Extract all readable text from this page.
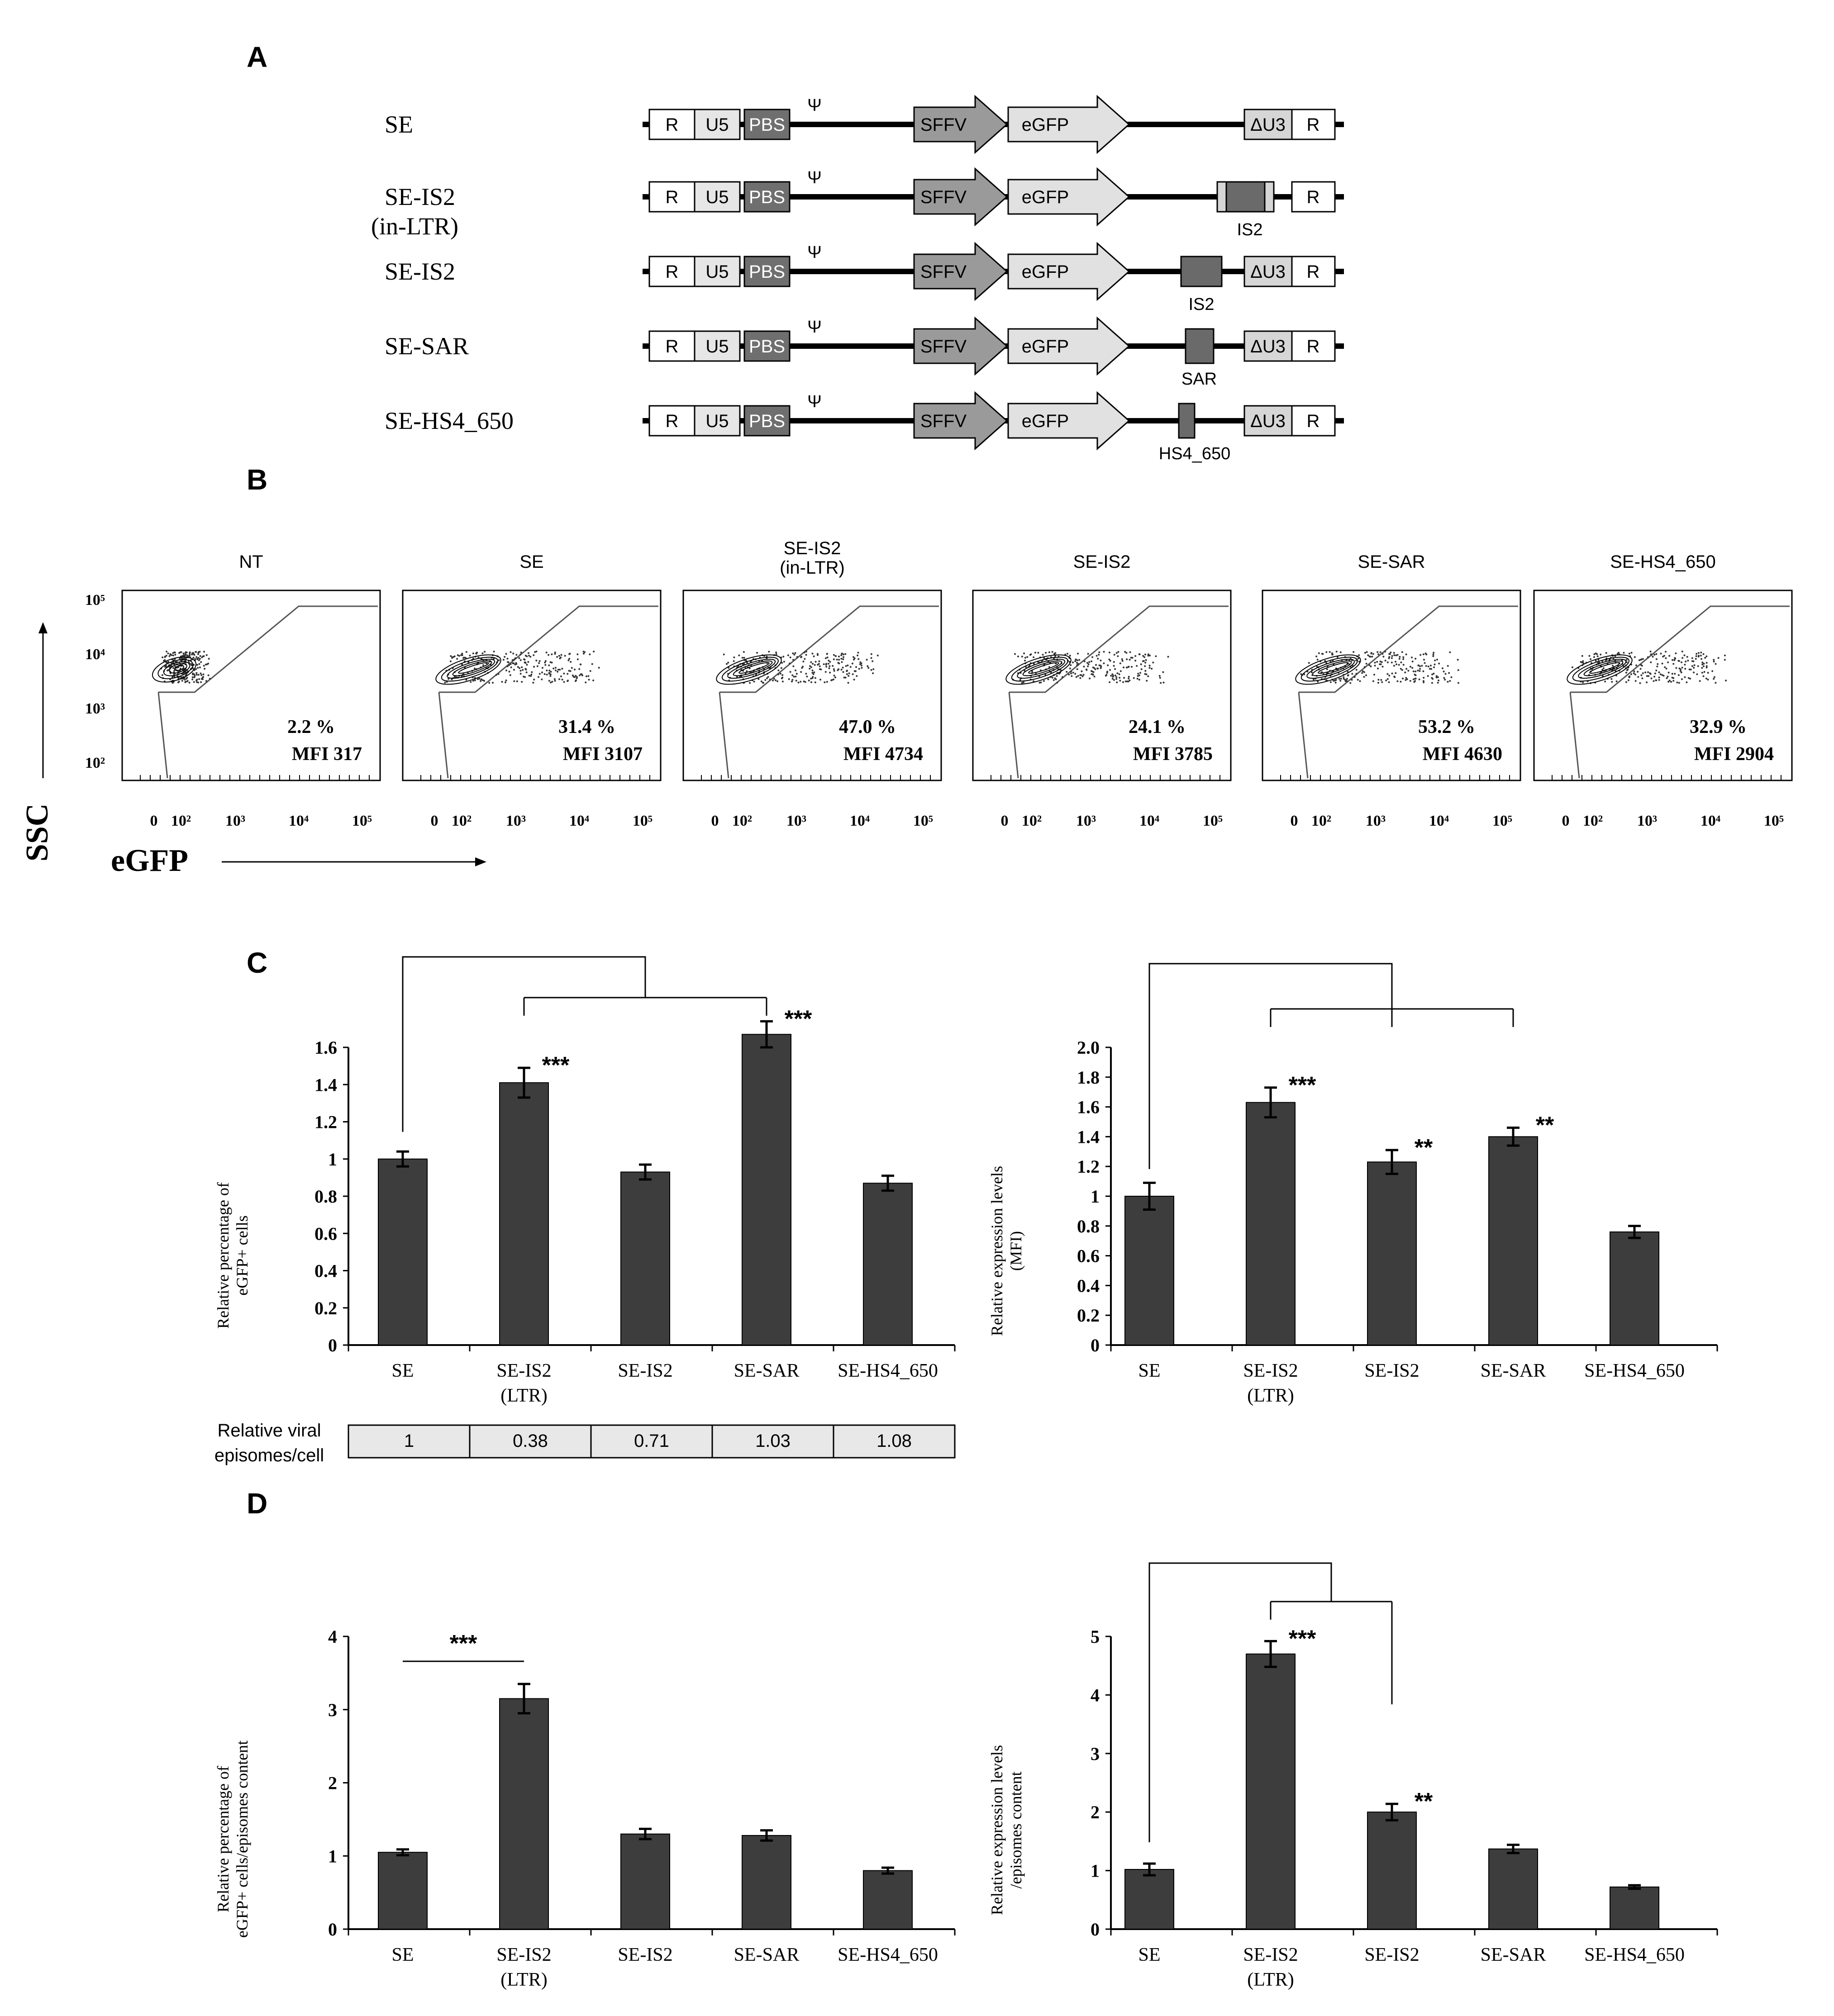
A
B
C
D
SE	R U5 PBS
Ψ
SFFV	eGFP	ΔU3 R
SE-IS2
(in-LTR)
R U5 PBS
Ψ
SFFV	eGFP
IS2
R
SE-IS2	R U5 PBS
Ψ
SFFV	eGFP	ΔU3 R
IS2
SE-SAR	R U5 PBS
Ψ
SFFV	eGFP	ΔU3 R
SAR
SE-HS4_650	R U5 PBS
Ψ
SFFV	eGFP	ΔU3 R
HS4_650
NT
10⁵
10⁴
10³
10²
0 10² 10³	10⁴	10⁵
2.2 %
MFI 317
SE
0 10² 10³	10⁴	10⁵
31.4 %
MFI 3107
SE-IS2
(in-LTR)
0 10² 10³	10⁴	10⁵
47.0 %
MFI 4734
SE-IS2
0 10² 10³	10⁴	10⁵
24.1 %
MFI 3785
SE-SAR
0 10² 10³	10⁴	10⁵
53.2 %
MFI 4630
SE-HS4_650
0 10² 10³	10⁴	10⁵
32.9 %
MFI 2904
SSC eGFP
0
0.2
0.4
0.6
0.8
1
1.2
1.4
1.6
SE
***
SE-IS2
(LTR)
SE-IS2
***
SE-SAR SE-HS4_650
Relative percentage of eGFP+ cells
0
0.2
0.4
0.6
0.8
1
1.2
1.4
1.6
1.8
2.0
SE
***
SE-IS2
(LTR)
**
SE-IS2
**
SE-SAR SE-HS4_650
Relative expression levels (MFI)
0
1
2
3
4
SE	SE-IS2
(LTR)
SE-IS2	SE-SAR SE-HS4_650
Relative percentage of eGFP+ cells/episomes content
***
0
1
2
3
4
5
SE
***
SE-IS2
(LTR)
**
SE-IS2	SE-SAR SE-HS4_650
Relative expression levels /episomes content
Relative viral
episomes/cell
1	0.38	0.71	1.03	1.08
